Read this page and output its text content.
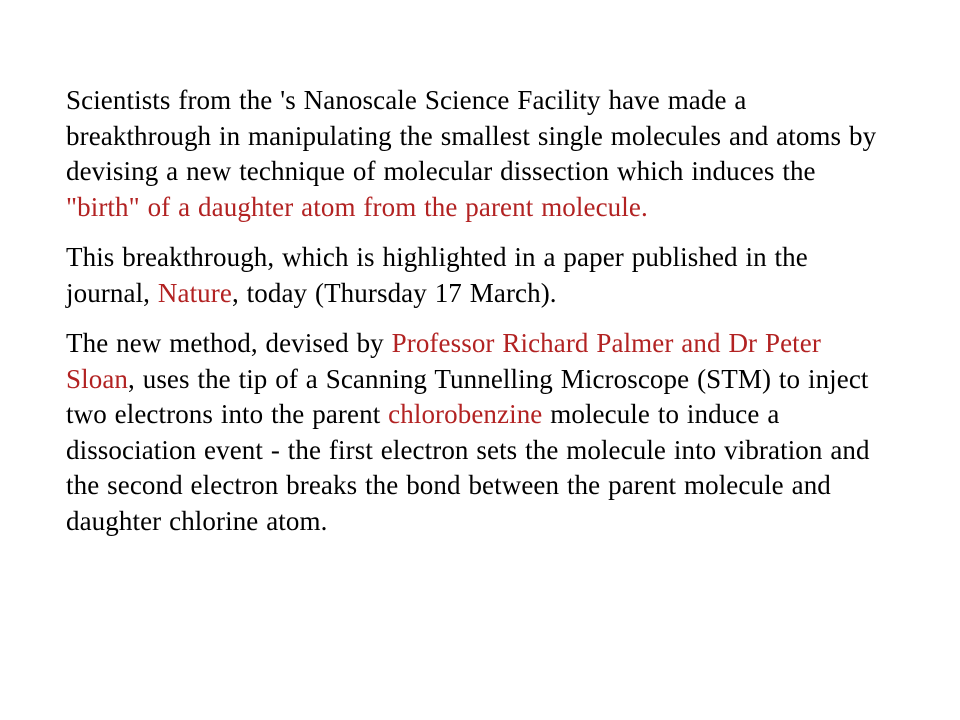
Scientists from the 's Nanoscale Science Facility have made a breakthrough in manipulating the smallest single molecules and atoms by devising a new technique of molecular dissection which induces the "birth" of a daughter atom from the parent molecule.

This breakthrough, which is highlighted in a paper published in the journal, Nature, today (Thursday 17 March).

The new method, devised by Professor Richard Palmer and Dr Peter Sloan, uses the tip of a Scanning Tunnelling Microscope (STM) to inject two electrons into the parent chlorobenzine molecule to induce a dissociation event - the first electron sets the molecule into vibration and the second electron breaks the bond between the parent molecule and daughter chlorine atom.
